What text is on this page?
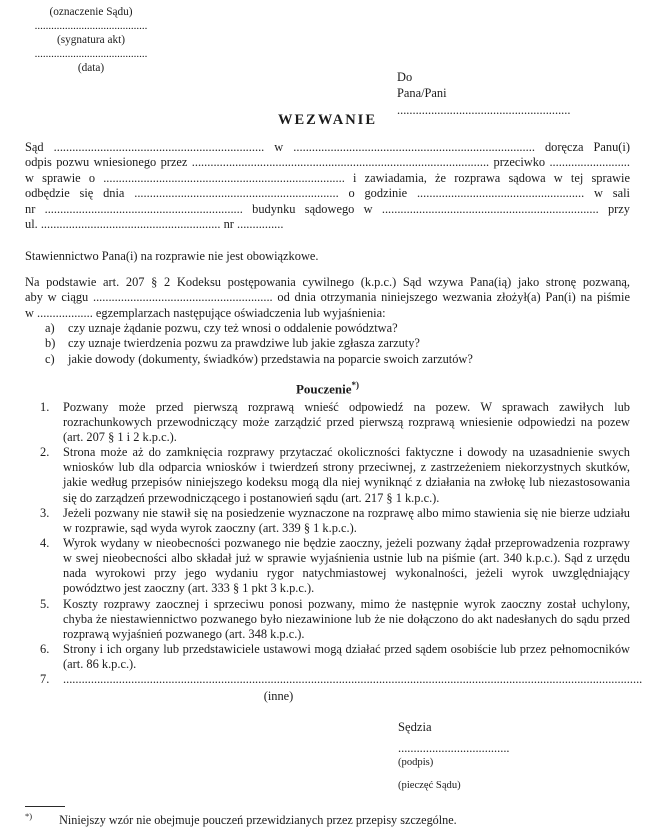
(oznaczenie Sądu)
.........................................
(sygnatura akt)
.........................................
(data)
Do
Pana/Pani
........................................................
WEZWANIE
Sąd .................................................................... w .............................................................................. doręcza Panu(i)
odpis pozwu wniesionego przez ................................................................................................ przeciwko ..........................
w sprawie o .............................................................................. i zawiadamia, że rozprawa sądowa w tej sprawie
odbędzie się dnia .................................................................. o godzinie ...................................................... w sali
nr ................................................................ budynku sądowego w ...................................................................... przy
ul. .......................................................... nr ...............
Stawiennictwo Pana(i) na rozprawie nie jest obowiązkowe.
Na podstawie art. 207 § 2 Kodeksu postępowania cywilnego (k.p.c.) Sąd wzywa Pana(ią) jako stronę pozwaną,
aby w ciągu .......................................................... od dnia otrzymania niniejszego wezwania złożył(a) Pan(i) na piśmie
w .................. egzemplarzach następujące oświadczenia lub wyjaśnienia:
a) czy uznaje żądanie pozwu, czy też wnosi o oddalenie powództwa?
b) czy uznaje twierdzenia pozwu za prawdziwe lub jakie zgłasza zarzuty?
c) jakie dowody (dokumenty, świadków) przedstawia na poparcie swoich zarzutów?
Pouczenie*)
1. Pozwany może przed pierwszą rozprawą wnieść odpowiedź na pozew. W sprawach zawiłych lub rozrachunkowych przewodniczący może zarządzić przed pierwszą rozprawą wniesienie odpowiedzi na pozew (art. 207 § 1 i 2 k.p.c.).
2. Strona może aż do zamknięcia rozprawy przytaczać okoliczności faktyczne i dowody na uzasadnienie swych wniosków lub dla odparcia wniosków i twierdzeń strony przeciwnej, z zastrzeżeniem niekorzystnych skutków, jakie według przepisów niniejszego kodeksu mogą dla niej wyniknąć z działania na zwłokę lub niezastosowania się do zarządzeń przewodniczącego i postanowień sądu (art. 217 § 1 k.p.c.).
3. Jeżeli pozwany nie stawił się na posiedzenie wyznaczone na rozprawę albo mimo stawienia się nie bierze udziału w rozprawie, sąd wyda wyrok zaoczny (art. 339 § 1 k.p.c.).
4. Wyrok wydany w nieobecności pozwanego nie będzie zaoczny, jeżeli pozwany żądał przeprowadzenia rozprawy w swej nieobecności albo składał już w sprawie wyjaśnienia ustnie lub na piśmie (art. 340 k.p.c.). Sąd z urzędu nada wyrokowi przy jego wydaniu rygor natychmiastowej wykonalności, jeżeli wyrok uwzględniający powództwo jest zaoczny (art. 333 § 1 pkt 3 k.p.c.).
5. Koszty rozprawy zaocznej i sprzeciwu ponosi pozwany, mimo że następnie wyrok zaoczny został uchylony, chyba że niestawiennictwo pozwanego było niezawinione lub że nie dołączono do akt nadesłanych do sądu przed rozprawą wyjaśnień pozwanego (art. 348 k.p.c.).
6. Strony i ich organy lub przedstawiciele ustawowi mogą działać przed sądem osobiście lub przez pełnomocników (art. 86 k.p.c.).
7. ...........................................................................................................................................................................................
(inne)
Sędzia
....................................
(podpis)
(pieczęć Sądu)
*) Niniejszy wzór nie obejmuje pouczeń przewidzianych przez przepisy szczególne.
